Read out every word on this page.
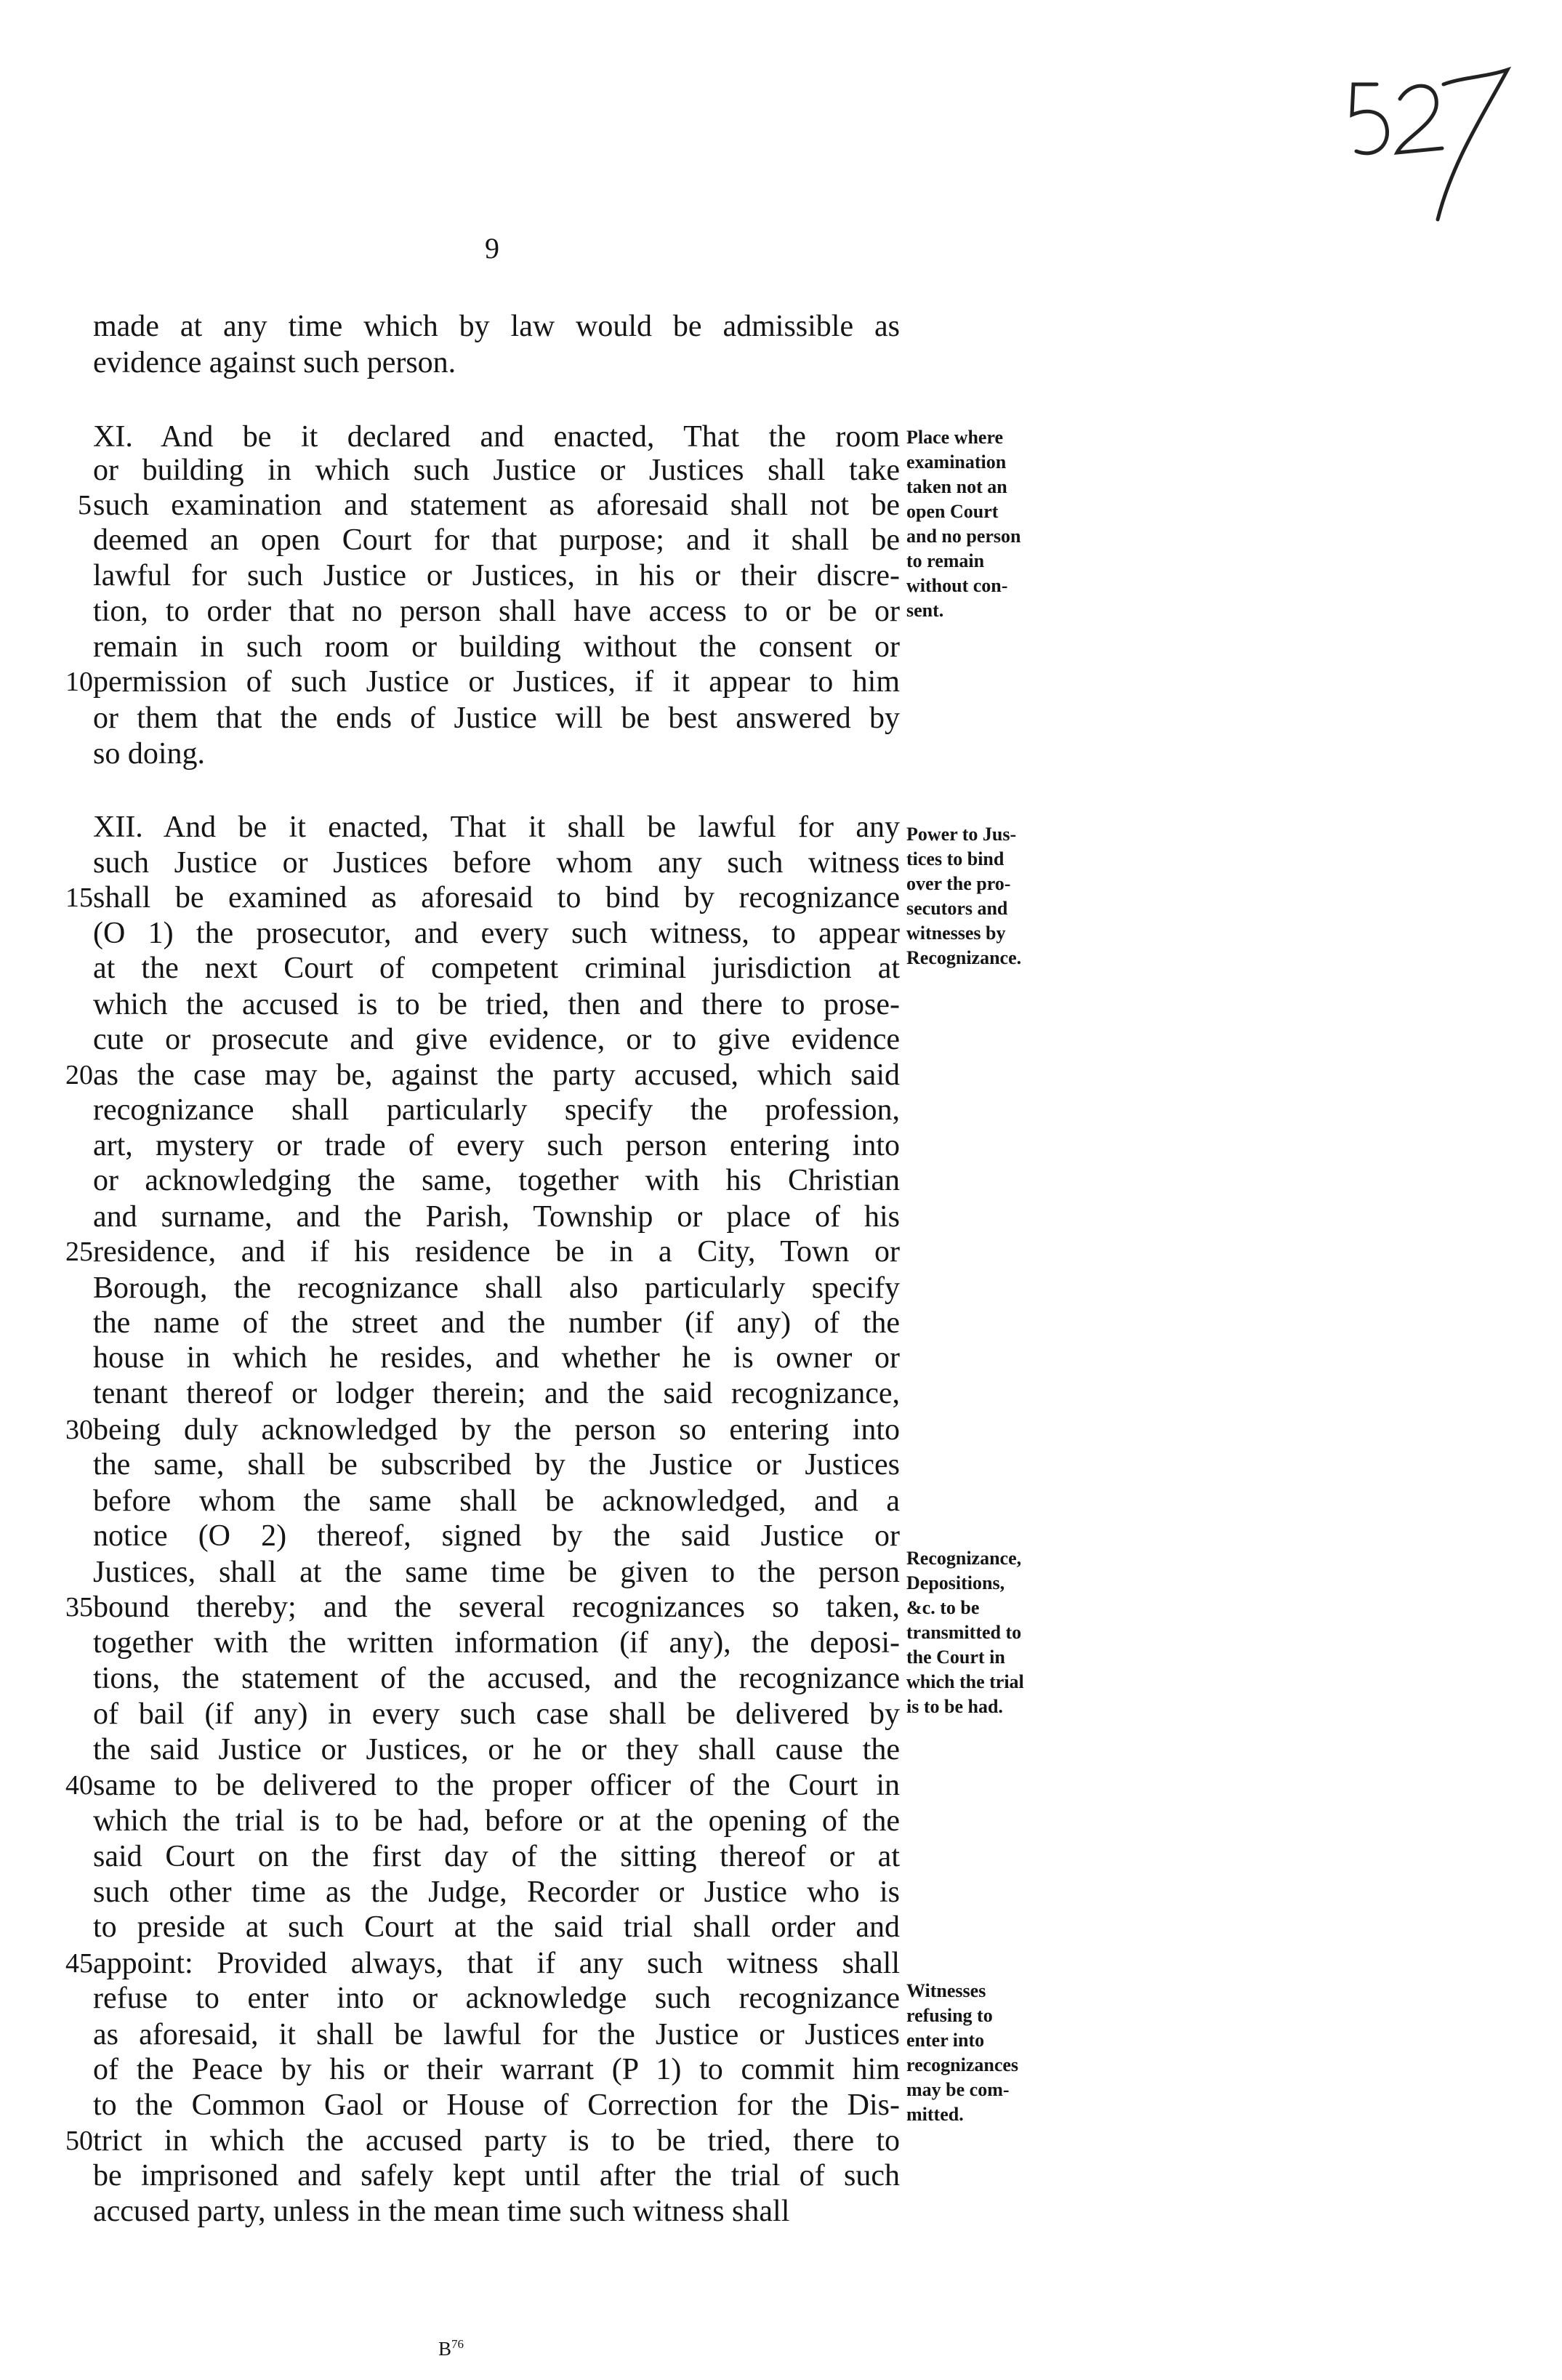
527
9
made at any time which by law would be admissible as
evidence against such person.
XI. And be it declared and enacted, That the room
or building in which such Justice or Justices shall take
5 such examination and statement as aforesaid shall not be
deemed an open Court for that purpose; and it shall be
lawful for such Justice or Justices, in his or their discre-
tion, to order that no person shall have access to or be or
remain in such room or building without the consent or
10 permission of such Justice or Justices, if it appear to him
or them that the ends of Justice will be best answered by
so doing.
XII. And be it enacted, That it shall be lawful for any
such Justice or Justices before whom any such witness
15 shall be examined as aforesaid to bind by recognizance
(O 1) the prosecutor, and every such witness, to appear
at the next Court of competent criminal jurisdiction at
which the accused is to be tried, then and there to prose-
cute or prosecute and give evidence, or to give evidence
20 as the case may be, against the party accused, which said
recognizance shall particularly specify the profession,
art, mystery or trade of every such person entering into
or acknowledging the same, together with his Christian
and surname, and the Parish, Township or place of his
25 residence, and if his residence be in a City, Town or
Borough, the recognizance shall also particularly specify
the name of the street and the number (if any) of the
house in which he resides, and whether he is owner or
tenant thereof or lodger therein; and the said recognizance,
30 being duly acknowledged by the person so entering into
the same, shall be subscribed by the Justice or Justices
before whom the same shall be acknowledged, and a
notice (O 2) thereof, signed by the said Justice or
Justices, shall at the same time be given to the person
35 bound thereby; and the several recognizances so taken,
together with the written information (if any), the deposi-
tions, the statement of the accused, and the recognizance
of bail (if any) in every such case shall be delivered by
the said Justice or Justices, or he or they shall cause the
40 same to be delivered to the proper officer of the Court in
which the trial is to be had, before or at the opening of the
said Court on the first day of the sitting thereof or at
such other time as the Judge, Recorder or Justice who is
to preside at such Court at the said trial shall order and
45 appoint: Provided always, that if any such witness shall
refuse to enter into or acknowledge such recognizance
as aforesaid, it shall be lawful for the Justice or Justices
of the Peace by his or their warrant (P 1) to commit him
to the Common Gaol or House of Correction for the Dis-
50 trict in which the accused party is to be tried, there to
be imprisoned and safely kept until after the trial of such
accused party, unless in the mean time such witness shall
Place where
examination
taken not an
open Court
and no person
to remain
without con-
sent.
Power to Jus-
tices to bind
over the pro-
secutors and
witnesses by
Recognizance.
Recognizance,
Depositions,
&c. to be
transmitted to
the Court in
which the trial
is to be had.
Witnesses
refusing to
enter into
recognizances
may be com-
mitted.
$B^{76}$
